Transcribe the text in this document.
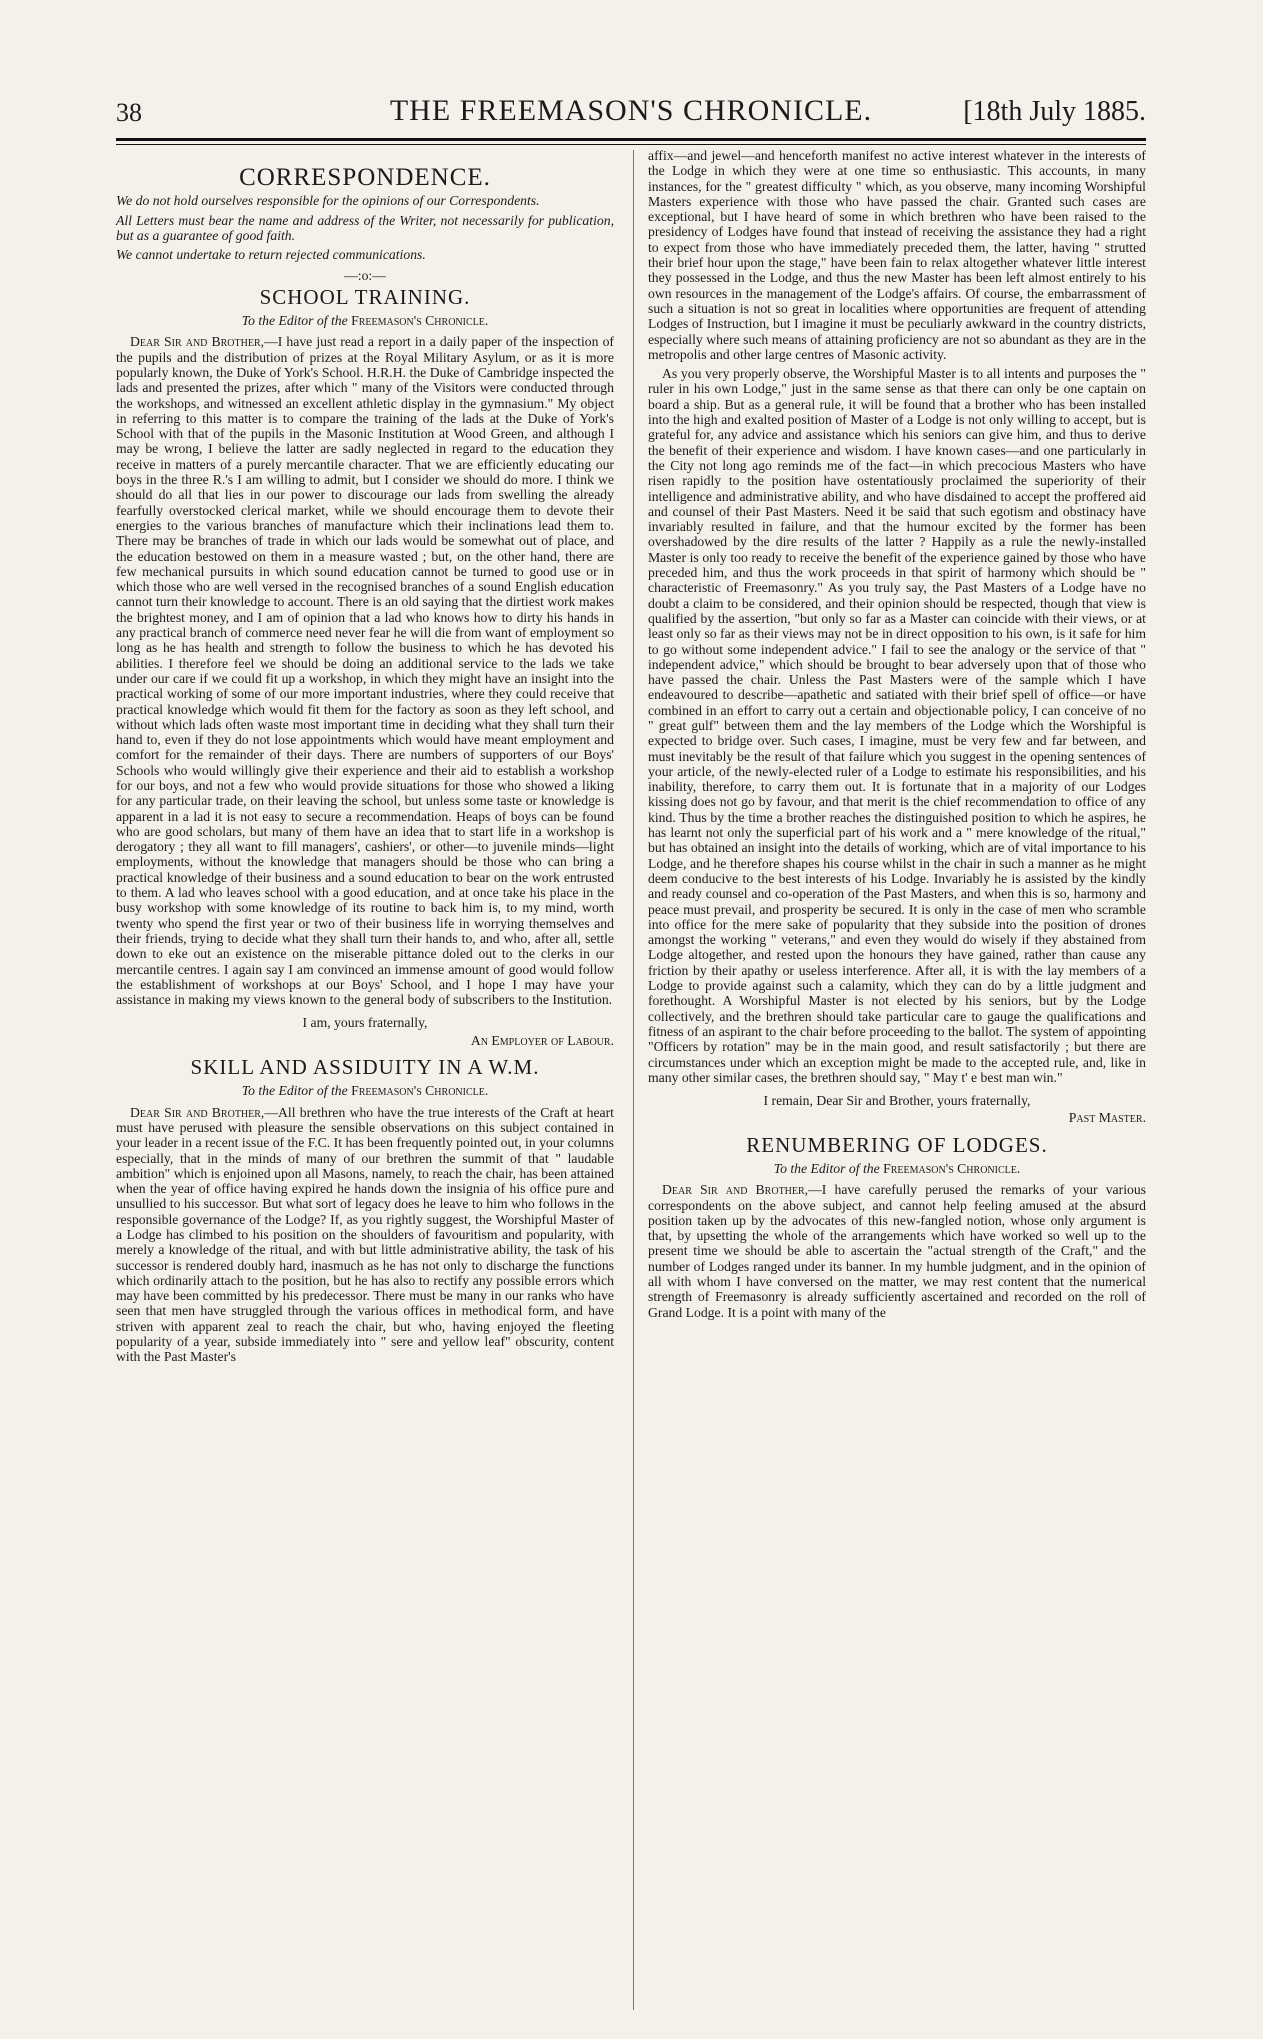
38	THE FREEMASON'S CHRONICLE.	[18th July 1885.
CORRESPONDENCE.

We do not hold ourselves responsible for the opinions of our Correspondents.

All Letters must bear the name and address of the Writer, not necessarily for publication, but as a guarantee of good faith.

We cannot undertake to return rejected communications.

—:o:—
SCHOOL TRAINING.
To the Editor of the Freemason's Chronicle.

Dear Sir and Brother,—I have just read a report in a daily paper of the inspection of the pupils and the distribution of prizes at the Royal Military Asylum, or as it is more popularly known, the Duke of York's School. H.R.H. the Duke of Cambridge inspected the lads and presented the prizes, after which " many of the Visitors were conducted through the workshops, and witnessed an excellent athletic display in the gymnasium." My object in referring to this matter is to compare the training of the lads at the Duke of York's School with that of the pupils in the Masonic Institution at Wood Green, and although I may be wrong, I believe the latter are sadly neglected in regard to the education they receive in matters of a purely mercantile character. That we are efficiently educating our boys in the three R.'s I am willing to admit, but I consider we should do more. I think we should do all that lies in our power to discourage our lads from swelling the already fearfully overstocked clerical market, while we should encourage them to devote their energies to the various branches of manufacture which their inclinations lead them to. There may be branches of trade in which our lads would be somewhat out of place, and the education bestowed on them in a measure wasted ; but, on the other hand, there are few mechanical pursuits in which sound education cannot be turned to good use or in which those who are well versed in the recognised branches of a sound English education cannot turn their knowledge to account. There is an old saying that the dirtiest work makes the brightest money, and I am of opinion that a lad who knows how to dirty his hands in any practical branch of commerce need never fear he will die from want of employment so long as he has health and strength to follow the business to which he has devoted his abilities. I therefore feel we should be doing an additional service to the lads we take under our care if we could fit up a workshop, in which they might have an insight into the practical working of some of our more important industries, where they could receive that practical knowledge which would fit them for the factory as soon as they left school, and without which lads often waste most important time in deciding what they shall turn their hand to, even if they do not lose appointments which would have meant employment and comfort for the remainder of their days. There are numbers of supporters of our Boys' Schools who would willingly give their experience and their aid to establish a workshop for our boys, and not a few who would provide situations for those who showed a liking for any particular trade, on their leaving the school, but unless some taste or knowledge is apparent in a lad it is not easy to secure a recommendation. Heaps of boys can be found who are good scholars, but many of them have an idea that to start life in a workshop is derogatory ; they all want to fill managers', cashiers', or other—to juvenile minds—light employments, without the knowledge that managers should be those who can bring a practical knowledge of their business and a sound education to bear on the work entrusted to them. A lad who leaves school with a good education, and at once take his place in the busy workshop with some knowledge of its routine to back him is, to my mind, worth twenty who spend the first year or two of their business life in worrying themselves and their friends, trying to decide what they shall turn their hands to, and who, after all, settle down to eke out an existence on the miserable pittance doled out to the clerks in our mercantile centres. I again say I am convinced an immense amount of good would follow the establishment of workshops at our Boys' School, and I hope I may have your assistance in making my views known to the general body of subscribers to the Institution.

I am, yours fraternally,
An Employer of Labour.
SKILL AND ASSIDUITY IN A W.M.
To the Editor of the Freemason's Chronicle.

Dear Sir and Brother,—All brethren who have the true interests of the Craft at heart must have perused with pleasure the sensible observations on this subject contained in your leader in a recent issue of the F.C. It has been frequently pointed out, in your columns especially, that in the minds of many of our brethren the summit of that " laudable ambition" which is enjoined upon all Masons, namely, to reach the chair, has been attained when the year of office having expired he hands down the insignia of his office pure and unsullied to his successor. But what sort of legacy does he leave to him who follows in the responsible governance of the Lodge? If, as you rightly suggest, the Worshipful Master of a Lodge has climbed to his position on the shoulders of favouritism and popularity, with merely a knowledge of the ritual, and with but little administrative ability, the task of his successor is rendered doubly hard, inasmuch as he has not only to discharge the functions which ordinarily attach to the position, but he has also to rectify any possible errors which may have been committed by his predecessor. There must be many in our ranks who have seen that men have struggled through the various offices in methodical form, and have striven with apparent zeal to reach the chair, but who, having enjoyed the fleeting popularity of a year, subside immediately into " sere and yellow leaf" obscurity, content with the Past Master's

affix—and jewel—and henceforth manifest no active interest whatever in the interests of the Lodge in which they were at one time so enthusiastic. This accounts, in many instances, for the " greatest difficulty " which, as you observe, many incoming Worshipful Masters experience with those who have passed the chair. Granted such cases are exceptional, but I have heard of some in which brethren who have been raised to the presidency of Lodges have found that instead of receiving the assistance they had a right to expect from those who have immediately preceded them, the latter, having " strutted their brief hour upon the stage," have been fain to relax altogether whatever little interest they possessed in the Lodge, and thus the new Master has been left almost entirely to his own resources in the management of the Lodge's affairs. Of course, the embarrassment of such a situation is not so great in localities where opportunities are frequent of attending Lodges of Instruction, but I imagine it must be peculiarly awkward in the country districts, especially where such means of attaining proficiency are not so abundant as they are in the metropolis and other large centres of Masonic activity.

As you very properly observe, the Worshipful Master is to all intents and purposes the " ruler in his own Lodge," just in the same sense as that there can only be one captain on board a ship. But as a general rule, it will be found that a brother who has been installed into the high and exalted position of Master of a Lodge is not only willing to accept, but is grateful for, any advice and assistance which his seniors can give him, and thus to derive the benefit of their experience and wisdom. I have known cases—and one particularly in the City not long ago reminds me of the fact—in which precocious Masters who have risen rapidly to the position have ostentatiously proclaimed the superiority of their intelligence and administrative ability, and who have disdained to accept the proffered aid and counsel of their Past Masters. Need it be said that such egotism and obstinacy have invariably resulted in failure, and that the humour excited by the former has been overshadowed by the dire results of the latter ? Happily as a rule the newly-installed Master is only too ready to receive the benefit of the experience gained by those who have preceded him, and thus the work proceeds in that spirit of harmony which should be " characteristic of Freemasonry." As you truly say, the Past Masters of a Lodge have no doubt a claim to be considered, and their opinion should be respected, though that view is qualified by the assertion, "but only so far as a Master can coincide with their views, or at least only so far as their views may not be in direct opposition to his own, is it safe for him to go without some independent advice." I fail to see the analogy or the service of that " independent advice," which should be brought to bear adversely upon that of those who have passed the chair. Unless the Past Masters were of the sample which I have endeavoured to describe—apathetic and satiated with their brief spell of office—or have combined in an effort to carry out a certain and objectionable policy, I can conceive of no " great gulf" between them and the lay members of the Lodge which the Worshipful is expected to bridge over. Such cases, I imagine, must be very few and far between, and must inevitably be the result of that failure which you suggest in the opening sentences of your article, of the newly-elected ruler of a Lodge to estimate his responsibilities, and his inability, therefore, to carry them out. It is fortunate that in a majority of our Lodges kissing does not go by favour, and that merit is the chief recommendation to office of any kind. Thus by the time a brother reaches the distinguished position to which he aspires, he has learnt not only the superficial part of his work and a " mere knowledge of the ritual," but has obtained an insight into the details of working, which are of vital importance to his Lodge, and he therefore shapes his course whilst in the chair in such a manner as he might deem conducive to the best interests of his Lodge. Invariably he is assisted by the kindly and ready counsel and co-operation of the Past Masters, and when this is so, harmony and peace must prevail, and prosperity be secured. It is only in the case of men who scramble into office for the mere sake of popularity that they subside into the position of drones amongst the working " veterans," and even they would do wisely if they abstained from Lodge altogether, and rested upon the honours they have gained, rather than cause any friction by their apathy or useless interference. After all, it is with the lay members of a Lodge to provide against such a calamity, which they can do by a little judgment and forethought. A Worshipful Master is not elected by his seniors, but by the Lodge collectively, and the brethren should take particular care to gauge the qualifications and fitness of an aspirant to the chair before proceeding to the ballot. The system of appointing "Officers by rotation" may be in the main good, and result satisfactorily ; but there are circumstances under which an exception might be made to the accepted rule, and, like in many other similar cases, the brethren should say, " May t' e best man win."

I remain, Dear Sir and Brother, yours fraternally,
Past Master.
RENUMBERING OF LODGES.
To the Editor of the Freemason's Chronicle.

Dear Sir and Brother,—I have carefully perused the remarks of your various correspondents on the above subject, and cannot help feeling amused at the absurd position taken up by the advocates of this new-fangled notion, whose only argument is that, by upsetting the whole of the arrangements which have worked so well up to the present time we should be able to ascertain the "actual strength of the Craft," and the number of Lodges ranged under its banner. In my humble judgment, and in the opinion of all with whom I have conversed on the matter, we may rest content that the numerical strength of Freemasonry is already sufficiently ascertained and recorded on the roll of Grand Lodge. It is a point with many of the
